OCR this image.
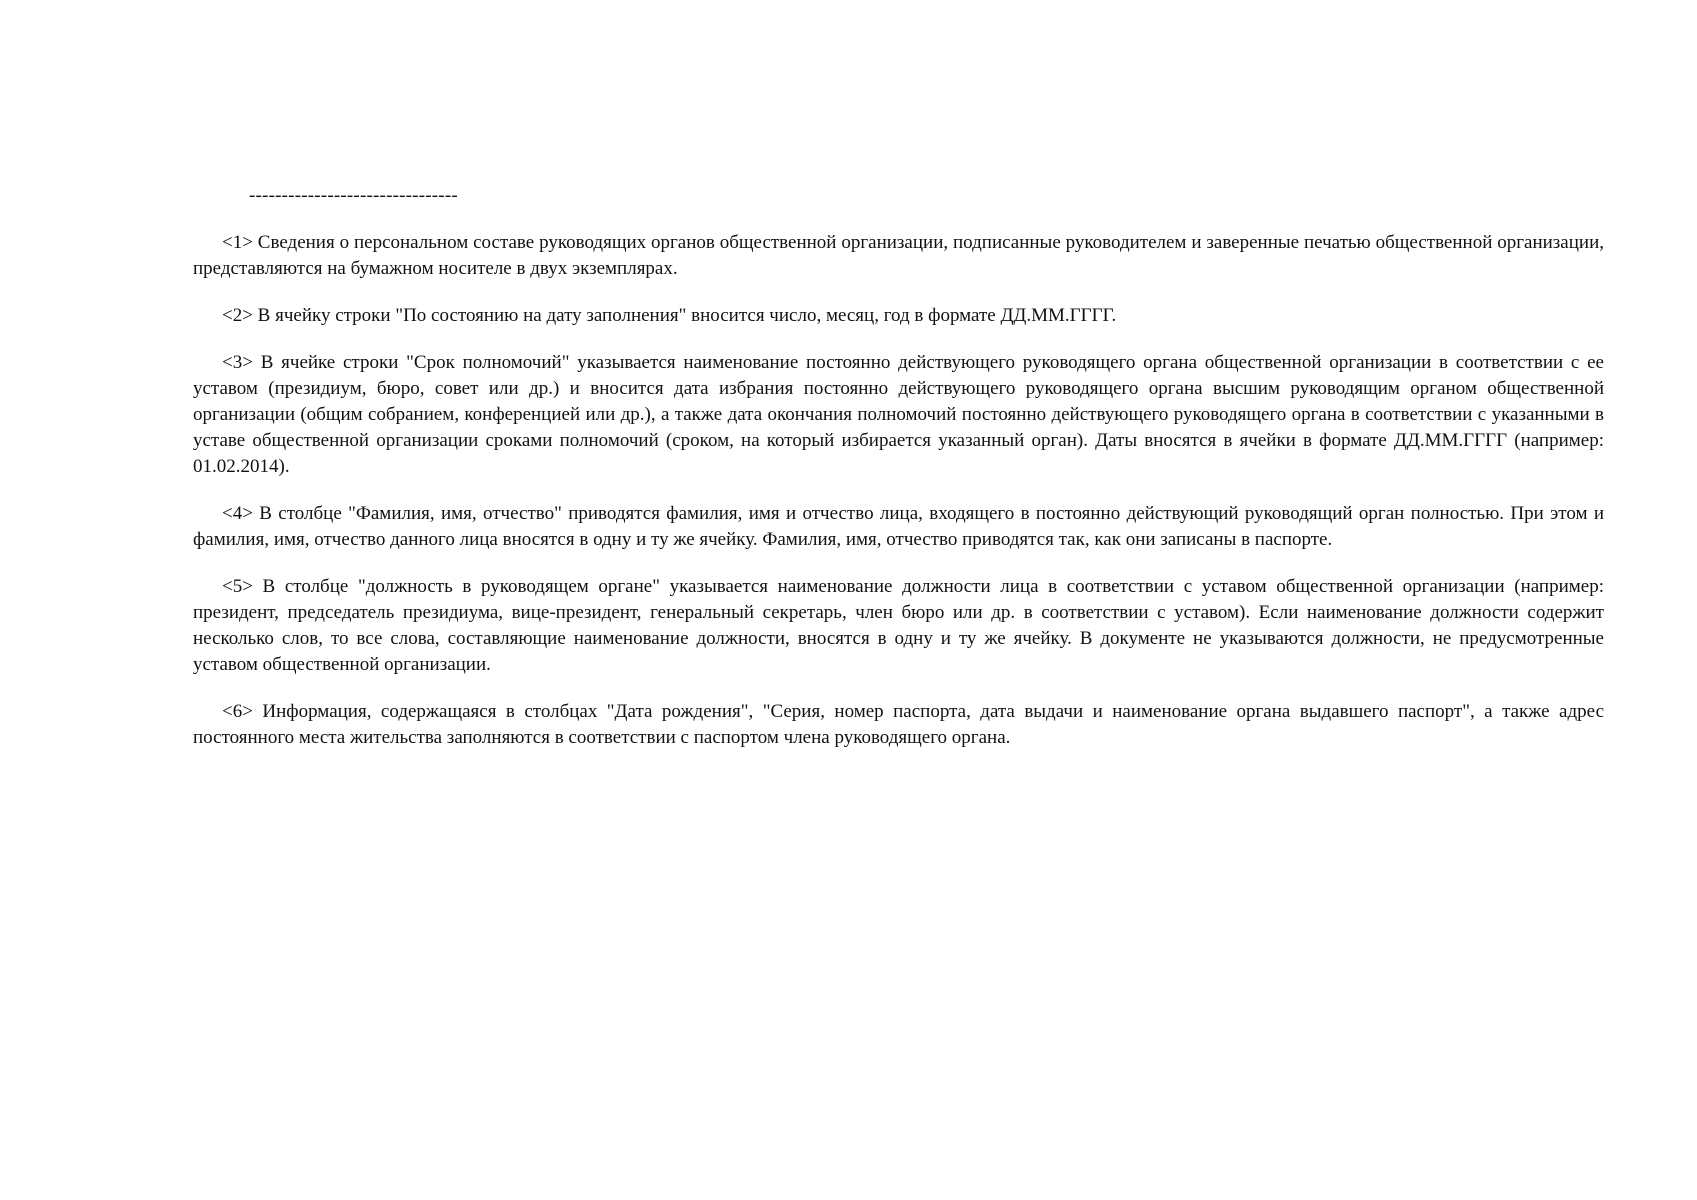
--------------------------------

<1> Сведения о персональном составе руководящих органов общественной организации, подписанные руководителем и заверенные печатью общественной организации, представляются на бумажном носителе в двух экземплярах.

<2> В ячейку строки "По состоянию на дату заполнения" вносится число, месяц, год в формате ДД.ММ.ГГГГ.

<3> В ячейке строки "Срок полномочий" указывается наименование постоянно действующего руководящего органа общественной организации в соответствии с ее уставом (президиум, бюро, совет или др.) и вносится дата избрания постоянно действующего руководящего органа высшим руководящим органом общественной организации (общим собранием, конференцией или др.), а также дата окончания полномочий постоянно действующего руководящего органа в соответствии с указанными в уставе общественной организации сроками полномочий (сроком, на который избирается указанный орган). Даты вносятся в ячейки в формате ДД.ММ.ГГГГ (например: 01.02.2014).

<4> В столбце "Фамилия, имя, отчество" приводятся фамилия, имя и отчество лица, входящего в постоянно действующий руководящий орган полностью. При этом и фамилия, имя, отчество данного лица вносятся в одну и ту же ячейку. Фамилия, имя, отчество приводятся так, как они записаны в паспорте.

<5> В столбце "должность в руководящем органе" указывается наименование должности лица в соответствии с уставом общественной организации (например: президент, председатель президиума, вице-президент, генеральный секретарь, член бюро или др. в соответствии с уставом). Если наименование должности содержит несколько слов, то все слова, составляющие наименование должности, вносятся в одну и ту же ячейку. В документе не указываются должности, не предусмотренные уставом общественной организации.

<6> Информация, содержащаяся в столбцах "Дата рождения", "Серия, номер паспорта, дата выдачи и наименование органа выдавшего паспорт", а также адрес постоянного места жительства заполняются в соответствии с паспортом члена руководящего органа.
